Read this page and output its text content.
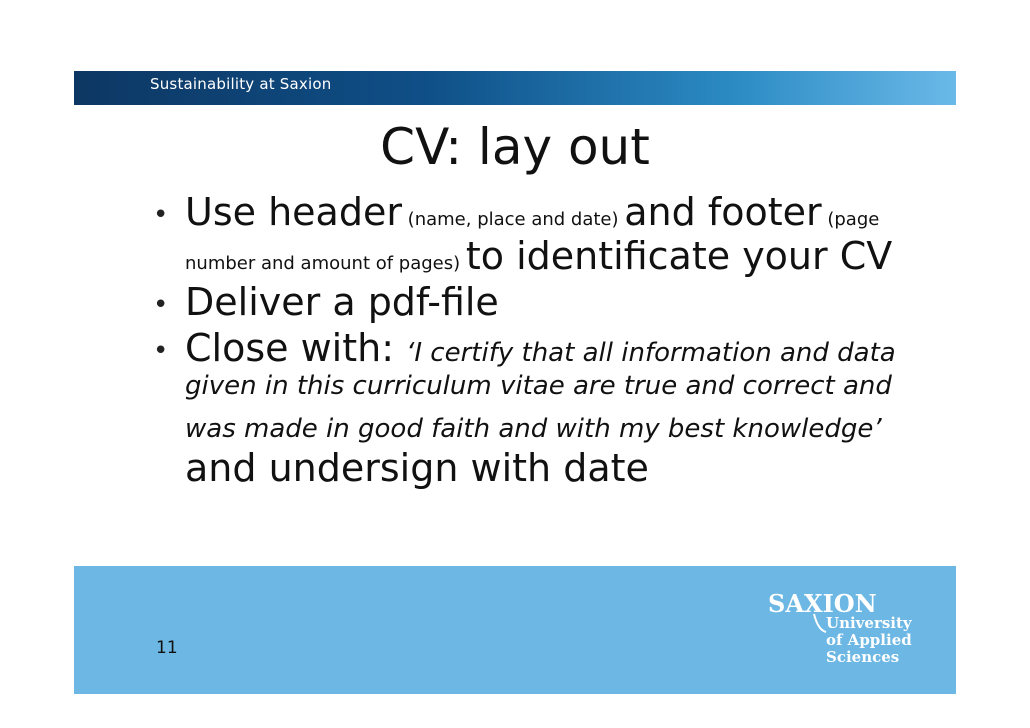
Sustainability at Saxion
CV: lay out
• Use header (name, place and date) and footer (page number and amount of pages) to identificate your CV
• Deliver a pdf-file
• Close with: ‘I certify that all information and data given in this curriculum vitae are true and correct and was made in good faith and with my best knowledge’ and undersign with date
11
SAXION
University
of Applied
Sciences
